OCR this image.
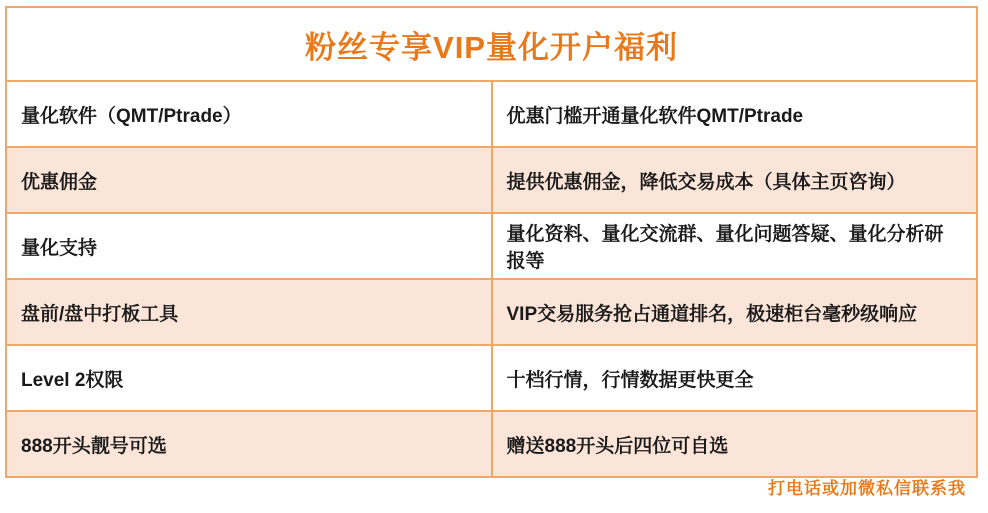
粉丝专享VIP量化开户福利	
量化软件（QMT/Ptrade）	优惠门槛开通量化软件QMT/Ptrade
优惠佣金	提供优惠佣金，降低交易成本（具体主页咨询）
量化支持	量化资料、量化交流群、量化问题答疑、量化分析研报等
盘前/盘中打板工具	VIP交易服务抢占通道排名，极速柜台毫秒级响应
Level 2权限	十档行情，行情数据更快更全
888开头靓号可选	赠送888开头后四位可自选
打电话或加微私信联系我
